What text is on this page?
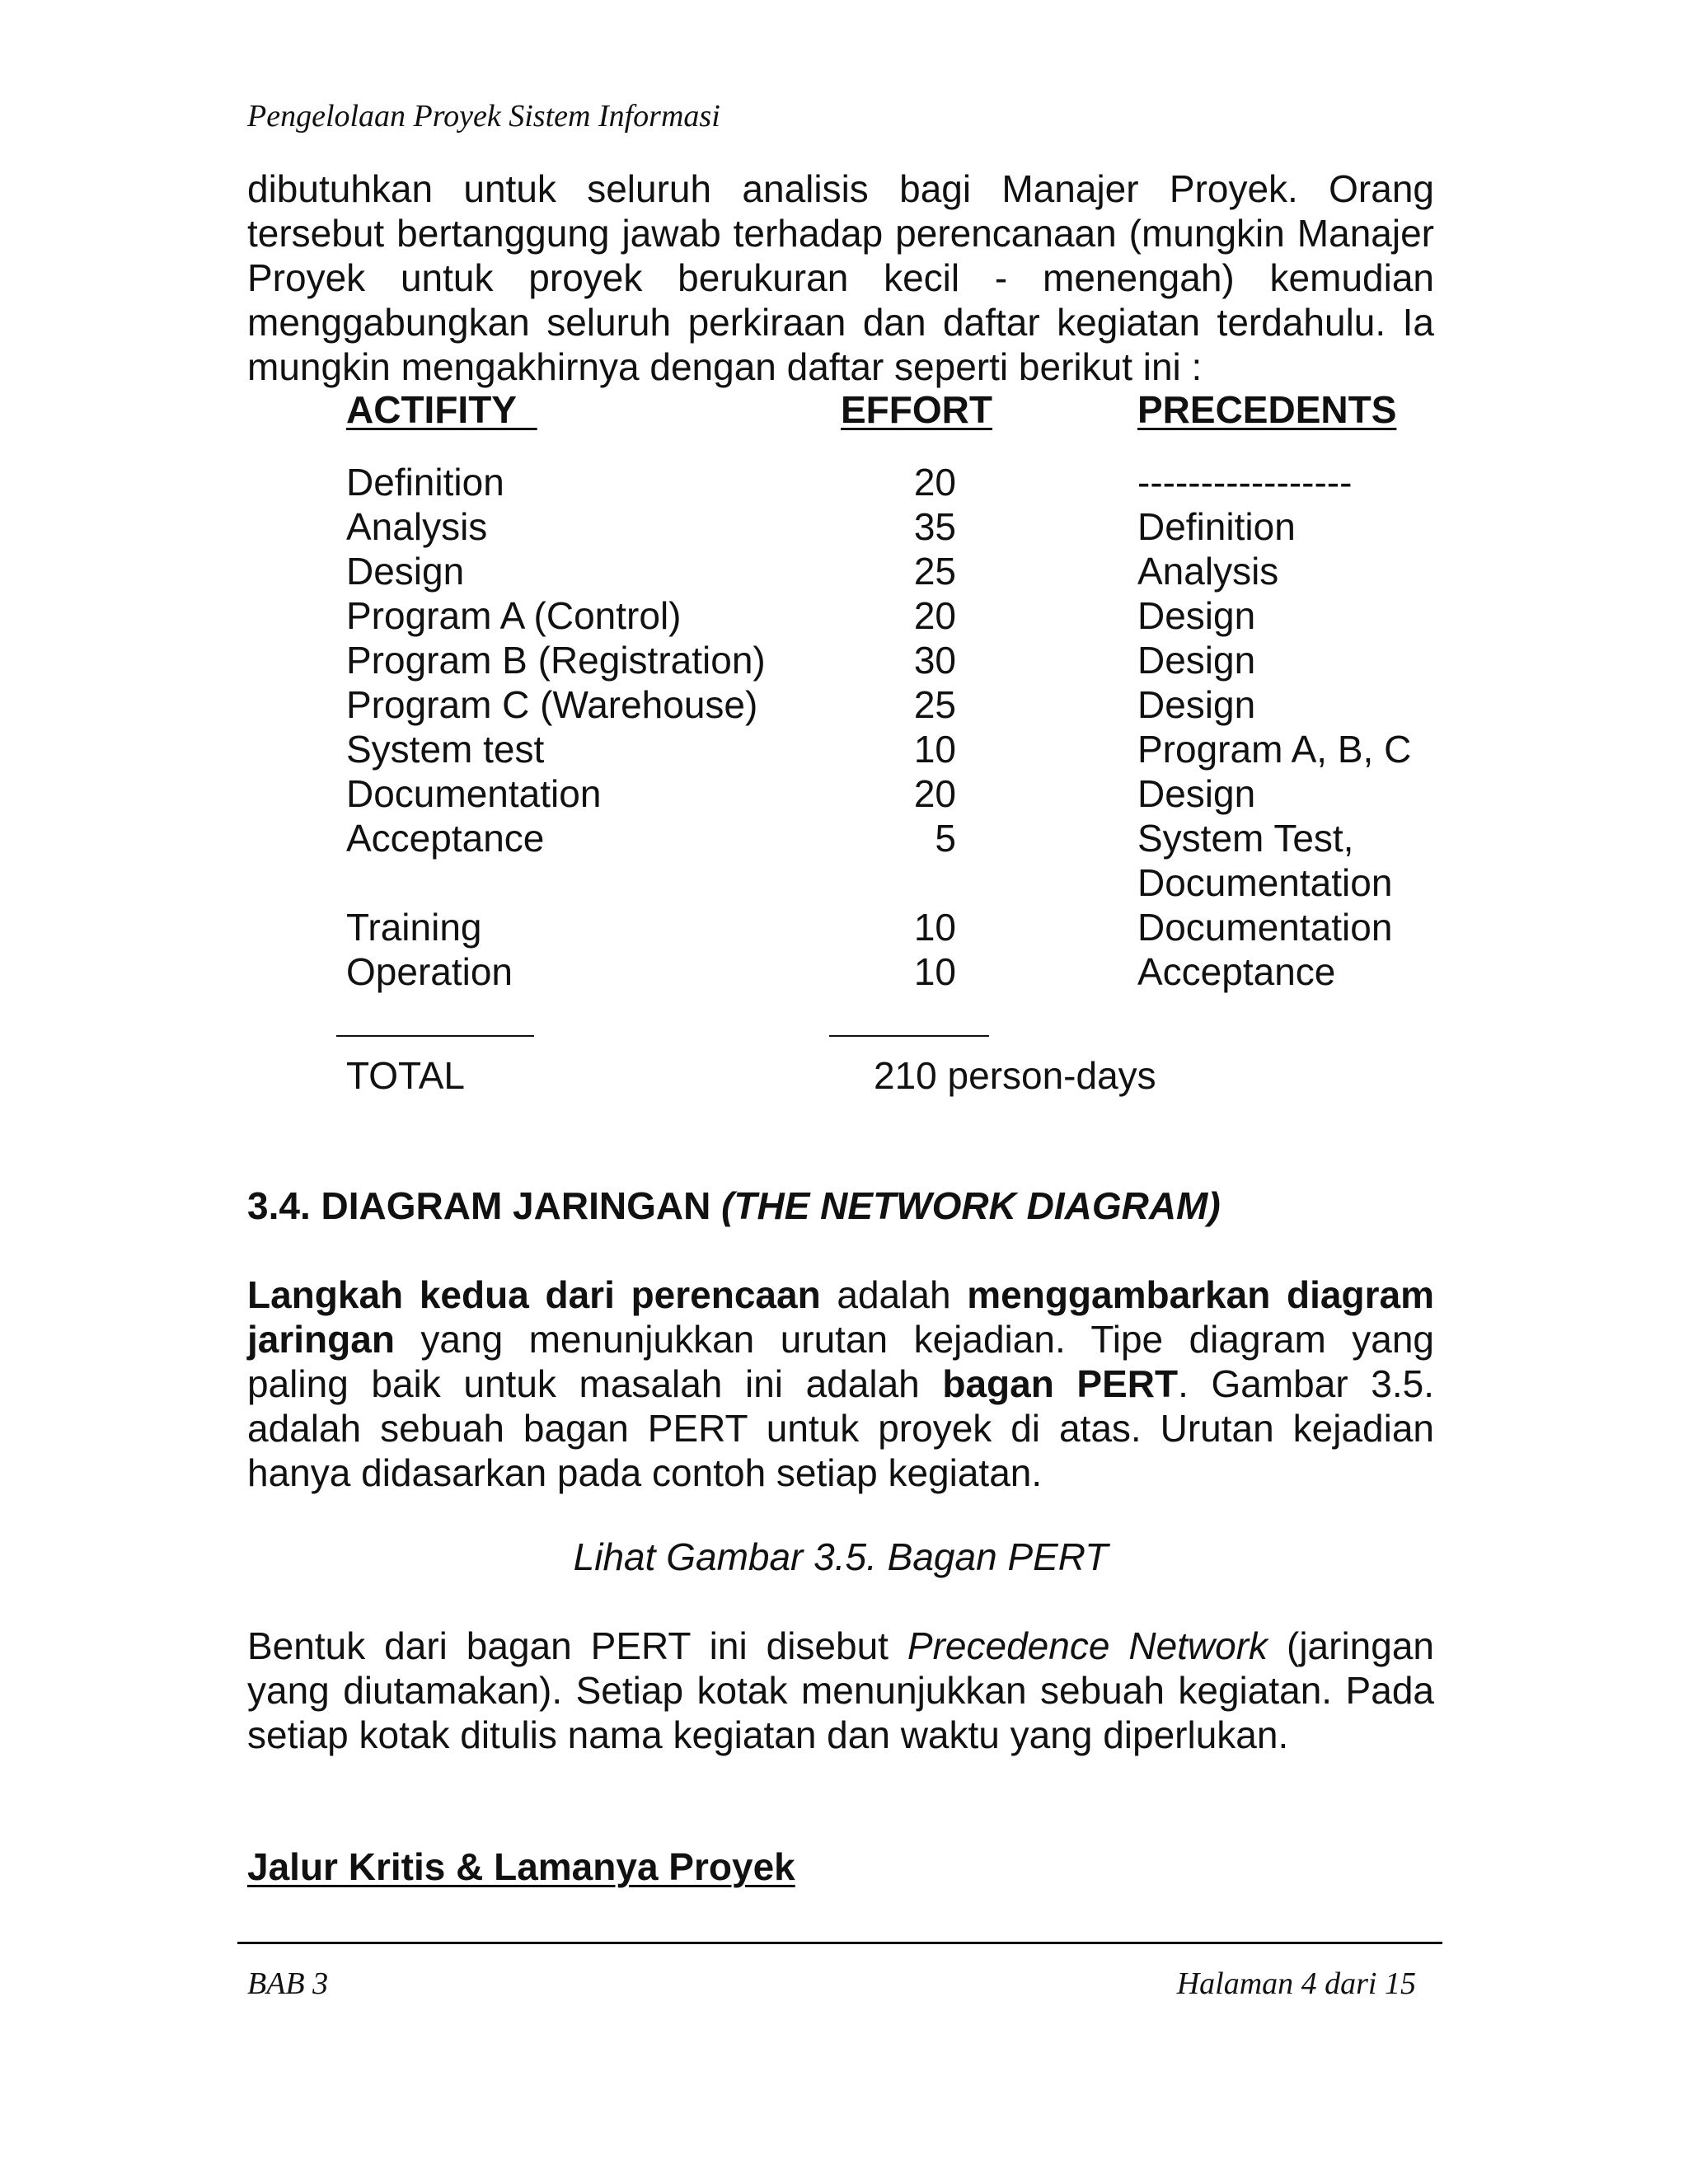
Pengelolaan Proyek Sistem Informasi

dibutuhkan untuk seluruh analisis bagi Manajer Proyek. Orang tersebut bertanggung jawab terhadap perencanaan (mungkin Manajer Proyek untuk proyek berukuran kecil - menengah) kemudian menggabungkan seluruh perkiraan dan daftar kegiatan terdahulu. Ia mungkin mengakhirnya dengan daftar seperti berikut ini :

ACTIFITY	EFFORT	PRECEDENTS
Definition	20	-----------------
Analysis	35	Definition
Design	25	Analysis
Program A (Control)	20	Design
Program B (Registration)	30	Design
Program C (Warehouse)	25	Design
System test	10	Program A, B, C
Documentation	20	Design
Acceptance	5	System Test, Documentation
Training	10	Documentation
Operation	10	Acceptance
TOTAL	210 person-days
3.4. DIAGRAM JARINGAN (THE NETWORK DIAGRAM)

Langkah kedua dari perencaan adalah menggambarkan diagram jaringan yang menunjukkan urutan kejadian. Tipe diagram yang paling baik untuk masalah ini adalah bagan PERT. Gambar 3.5. adalah sebuah bagan PERT untuk proyek di atas. Urutan kejadian hanya didasarkan pada contoh setiap kegiatan.

Lihat Gambar 3.5. Bagan PERT

Bentuk dari bagan PERT ini disebut Precedence Network (jaringan yang diutamakan). Setiap kotak menunjukkan sebuah kegiatan. Pada setiap kotak ditulis nama kegiatan dan waktu yang diperlukan.

Jalur Kritis & Lamanya Proyek
BAB 3	Halaman 4 dari 15
